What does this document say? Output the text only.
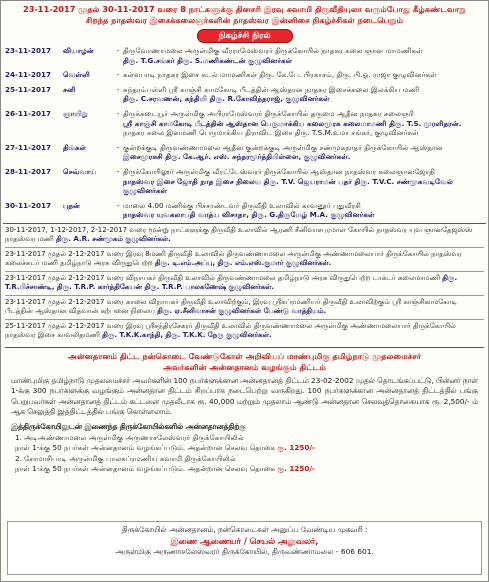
23-11-2017 முதல் 30-11-2017 வரை 8 நாட்களுக்கு தினசரி இரவு சுவாமி திருவீதியுலா வரும்போது கீழ்கண்டவாறு
சிறந்த நாதஸ்வர இசைக்கலைஞர்களின் நாதஸ்வர இன்னிசை நிகழ்ச்சிகள் நடைபெறும்
நிகழ்ச்சி நிரல்
23-11-2017	வியாழன்	- திருவோணாமலை அருள்மிகு வீரராமேஸ்வரர் திருக்கோயில் நாதசுர கலை ஞான மாமணிகள்
திரு. T.G.சங்கர் திரு. S.மணிகண்டன் குழுவினர்கள்
24-11-2017	வெள்ளி	- கள்ளபாடி நாதசுர இசை கடல் மாமணிகள் திரு. கே.பே. பிரகாசம், திரு. பி.ஓ. ராஜா குழுவினர்கள்
25-11-2017	சனி	- சுந்தரம்பள்ளி ஸ்ரீ காஞ்சி காமகோடி பீடத்தின் ஆஸ்தான நாதசுர இசைக்கலை இலக்கிய மணி
திரு. C.சரவணன், கந்தியி திரு. R.கோவிந்தராஜ், குழுவினர்கள்
26-11-2017	ஞாயிறு	- திருக்கடையூர் அருள்மிகு அபிராமேஸ்வரர் திருக்கோயில் தருமை ஆதீன நாதசுர கலைஞரி
ஸ்ரீ காஞ்சி காமகோடி பீடத்தின் ஆஸ்தான பெருமாக்கிய கலைமுரசு கலைமாமணி திரு. T.S. முரளிதரன்.
நாதசுர கலை இனமணி பெருமாக்கிய திராவிட இசை திரு. T.S.M.உமா சங்கர், குழுவினர்கள்
27-11-2017	திங்கள்	- குன்றக்குடி திருவண்ணாமலை ஆதீன குன்றக்குடி அருள்மிகு சண்முகநாதர் திருக்கோயில் ஆஸ்தான
இசைமுரசுசி திரு. கே.ஆர். எஸ். சுந்தரமூர்த்திபிள்ளை, குழுவினர்கள்.
28-11-2017	செவ்வாய்	- திருக்கோயிலூர் அருள்மிகு வீரட்டேஸ்வரர் திருக்கோயில் ஆஸ்தான நாதஸ்வர கலைஞானஜோதி
நாதஸ்வர இசை ஜோதி நாத இசை நிலைய திரு. T.V. ஜெயராமன் பதர் திரு. T.V.C. சண்முகவடிவேல் குழுவினர்கள்
30-11-2017	புதன்	- மாலை 4.00 மணிக்கு பிச்சாண்டவர் திருவீதி உலாவில் காவனூர் புதுவீரசி
நாதஸ்வர யுவகலாபதி வாத்ய விசாதா, திரு. G.திருமேழ் M.A. குழுவினர்கள்
30-11-2017, 1-12-2017, 2-12-2017 வரை மூன்று நாட்களுக்கு திருவீதி உலாவில் ஆரணி சீனிவாசபுரமாள் கோயில் நாதஸ்வர யுவ ஞானதேஜஸ்ஸ் நாதஸ்வர மணி திரு. A.R. சண்முகம் குழுவினர்கள்.
23-11-2017 முதல் 2-12-2017 வரை இரவு 8மணி திருவீதி உலாவில் திருவண்ணாமலை அருள்மிகு அண்ணாமலையார் திருக்கோயில் நாதஸ்வர கலைச்சுடர் மணி தமிழ்நாடு அரசு விருதுபெற்ற திரு. டி.எம்.அப்பு, திரு. எம்.எஸ்.குமார் குழுவினர்கள்.
23-11-2017 முதல் 2-12-2017 வரை விநாயகர் திருவீதி உலாவில் திருவண்ணாமலை தமிழ்நாடு அரசு விருதுபெற்ற டாக்டர் கலைமாமணி திரு. T.R.பிச்சாண்டி, திரு. T.R.P. கார்த்திகேயன் திரு. T.R.P. பாலகணேஷ் குழுவினர்கள்.
23-11-2017 முதல் 2-12-2017 வரை காலை விநாயகர் திருவீதி உலாவிற்கும், இரவு ஸ்ரீசுப்ரமணியர் திருவீதி உலாவிற்கும் ஸ்ரீ காஞ்சிகாமகோடி பீடத்தின் ஆஸ்தான வித்வான் கற்பனை நிலைய திரு. ஏ.சீனிவாசன் குழுவினர்கள் பேண்டு வாத்தியம்.
25-11-2017 முதல் 2-12-2017 வரை இரவு ஸ்ரீசந்திரசேகரர் திருவீதி உலாவில் திருவண்ணாமலை அருள்மிகு அண்ணாமலையார் திருக்கோயில் நாதஸ்வர இசை காவலிதமணி திரு. T.K.K.காந்தி, திரு. T.K.K. நேரு குழுவினர்கள்.
அன்னதானம் திட்ட நன்கொடை வேண்டுகோள் அறிவியப் மாண்புமிகு தமிழ்நாடு முதலமைச்சர்
அவர்களின் அன்னதானம் வழங்கும் திட்டம்
மாண்புமிகு தமிழ்நாடு முதலமைச்சர் அவர்களின் 100 நபர்களுக்கான அன்னதானத் திட்டம் 23-02-2002 முதல் தொடங்கப்பட்டு, பின்னர் நாள் 1-க்கு 300 நபர்களுக்கு வழங்கும் அன்னதான திட்டம் சிறப்பாக நடைபெற்று வருகிறது. 100 நபர்களுக்கான அன்னதானத் திட்டத்தில் பங்கு பெறுபவர்கள் அன்னதானத் திட்டம் கட்டளை முதலீடாக ரூ. 40,000 மற்றும் முதலாம் ஆண்டு அன்னதான செலவுத்தொகையாக ரூ. 2,500/- ம் ஆக செலுத்தி இத்திட்டத்தில் பங்கு கொள்ளலாம்.
இத்திருக்கோயிலுடன் இணைந்த திருக்கோயில்களில் அன்னதானத்திற்கு
1. அடிஅண்ணாமலை அருள்மிகு அருணாசலேஸ்வரர் திருக்கோயிலில்
நாள் 1-க்கு 50 நபர்கள் அன்னதானம் வழங்கப்படும். அதன்றான செலவு தொகை ரூ. 1250/-
2. சோமாசிபாடி அருள்மிகு பாலசுப்ரமணிய சுவாமி திருக்கோயிலில்
நாள் 1-க்கு 50 நபர்கள் அன்னதானம் வழங்கப்படும். அதன்றான செலவு தொகை ரூ. 1250/-
திருக்கோயில் அன்னதானம், நன்கொடைகள் அனுப்ப வேண்டிய முகவரி :
இணை ஆணையர் / செயல் அலுவலர்,
அருள்மிகு அருணாசலேஸ்வரர் திருக்கோயில், திருவண்ணாமலை - 606 601.
